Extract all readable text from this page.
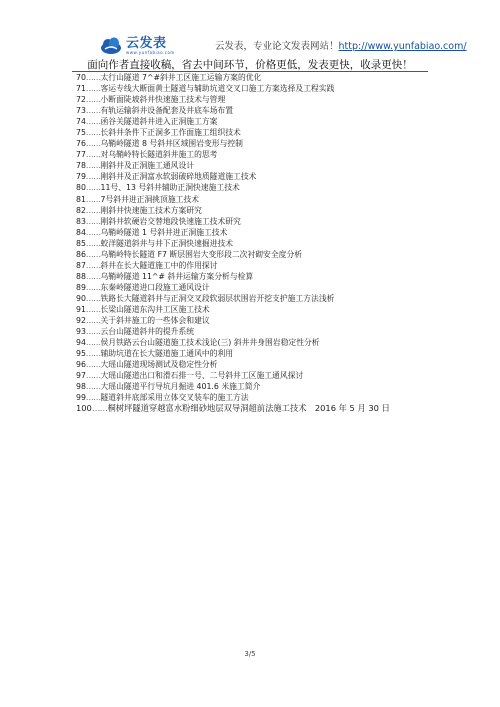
云发表
www.yunfabiao.com
云发表，专业论文发表网站！http://www.yunfabiao.com/
面向作者直接收稿，省去中间环节，价格更低，发表更快，收录更快！
70……太行山隧道 7^#斜井工区施工运输方案的优化
71……客运专线大断面黄土隧道与辅助坑道交叉口施工方案选择及工程实践
72……小断面陡坡斜井快速施工技术与管理
73……有轨运输斜井设备配套及井底车场布置
74……函谷关隧道斜井进入正洞施工方案
75……长斜井条件下正洞多工作面施工组织技术
76……乌鞘岭隧道 8 号斜井区域围岩变形与控制
77……对乌鞘岭特长隧道斜井施工的思考
78……刚斜井及正洞施工通风设计
79……刚斜井及正洞富水软弱破碎地质隧道施工技术
80……11号、13 号斜井辅助正洞快速施工技术
81……7号斜井进正洞挑顶施工技术
82……刚斜井快速施工技术方案研究
83……刚斜井软硬岩交替地段快速施工技术研究
84……乌鞘岭隧道 1 号斜井进正洞施工技术
85……蛟洋隧道斜井与井下正洞快速掘进技术
86……乌鞘岭特长隧道 F7 断层围岩大变形段二次衬砌安全度分析
87……斜井在长大隧道施工中的作用探讨
88……乌鞘岭隧道 11^# 斜井运输方案分析与检算
89……东秦岭隧道进口段施工通风设计
90……铁路长大隧道斜井与正洞交叉段软弱层状围岩开挖支护施工方法浅析
91……长梁山隧道东沟井工区施工技术
92……关于斜井施工的一些体会和建议
93……云台山隧道斜井的提升系统
94……侯月铁路云台山隧道施工技术浅论(三) 斜井井身围岩稳定性分析
95……辅助坑道在长大隧道施工通风中的利用
96……大瑶山隧道现场测试及稳定性分析
97……大瑶山隧道出口和滑石排一号、二号斜井工区施工通风探讨
98……大瑶山隧道平行导坑月掘进 401.6 米施工简介
99……隧道斜井底部采用立体交叉装车的施工方法
100……桐树坪隧道穿越富水粉细砂地层双导洞超前法施工技术　2016 年 5 月 30 日
3/5
